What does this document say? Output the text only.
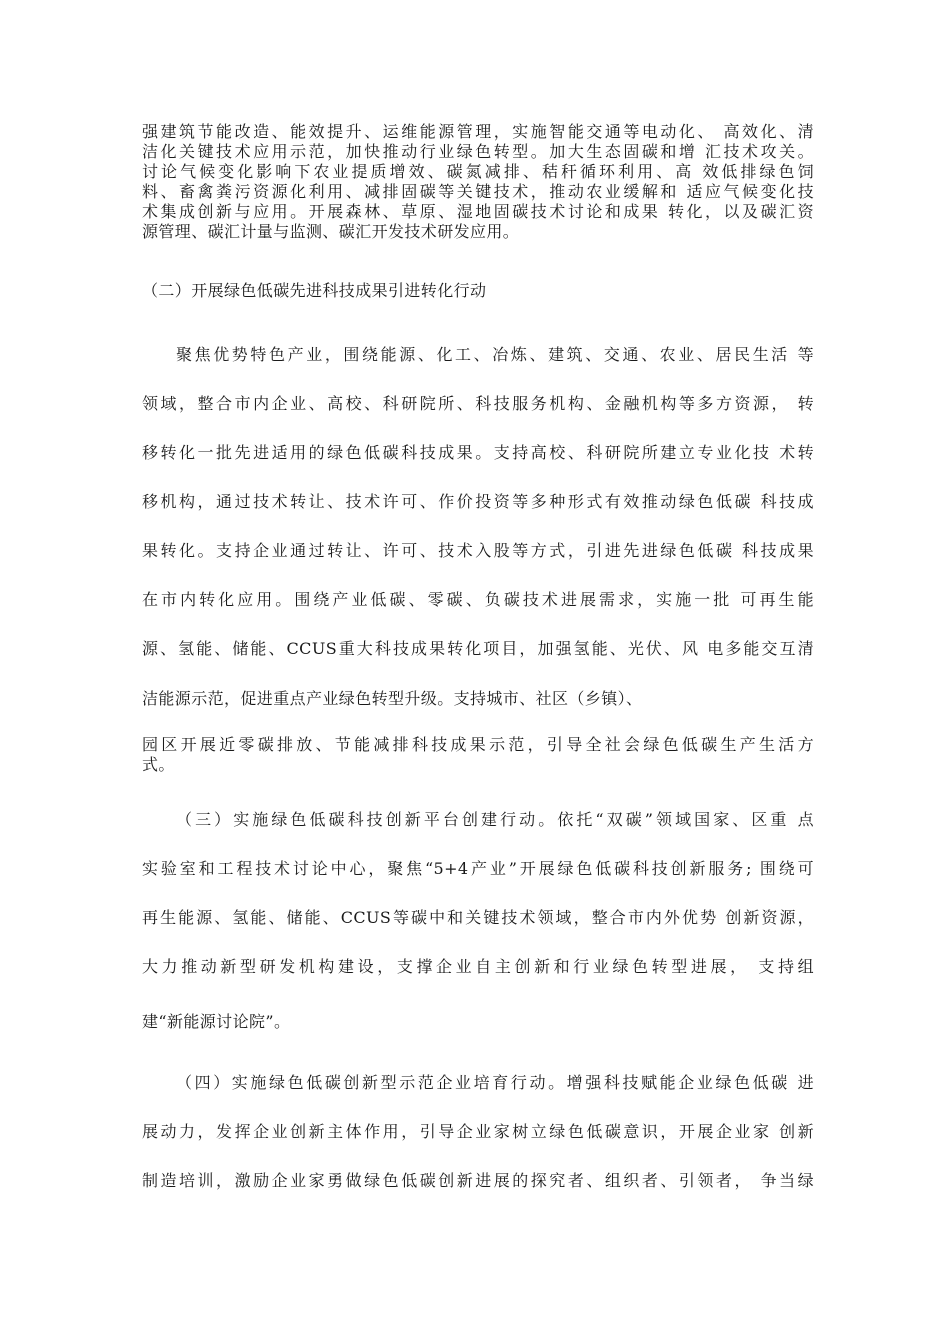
强建筑节能改造、能效提升、运维能源管理，实施智能交通等电动化、 高效化、清
洁化关键技术应用示范，加快推动行业绿色转型。加大生态固碳和增 汇技术攻关。
讨论气候变化影响下农业提质增效、碳氮减排、秸秆循环利用、高 效低排绿色饲
料、畜禽粪污资源化利用、减排固碳等关键技术，推动农业缓解和 适应气候变化技
术集成创新与应用。开展森林、草原、湿地固碳技术讨论和成果 转化，以及碳汇资
源管理、碳汇计量与监测、碳汇开发技术研发应用。
（二）开展绿色低碳先进科技成果引进转化行动
聚焦优势特色产业，围绕能源、化工、冶炼、建筑、交通、农业、居民生活 等
领域，整合市内企业、高校、科研院所、科技服务机构、金融机构等多方资源， 转
移转化一批先进适用的绿色低碳科技成果。支持高校、科研院所建立专业化技 术转
移机构，通过技术转让、技术许可、作价投资等多种形式有效推动绿色低碳 科技成
果转化。支持企业通过转让、许可、技术入股等方式，引进先进绿色低碳 科技成果
在市内转化应用。围绕产业低碳、零碳、负碳技术进展需求，实施一批 可再生能
源、氢能、储能、CCUS重大科技成果转化项目，加强氢能、光伏、风 电多能交互清
洁能源示范，促进重点产业绿色转型升级。支持城市、社区（乡镇）、
园区开展近零碳排放、节能减排科技成果示范，引导全社会绿色低碳生产生活方
式。
（三）实施绿色低碳科技创新平台创建行动。依托“双碳”领域国家、区重 点
实验室和工程技术讨论中心，聚焦“5+4产业”开展绿色低碳科技创新服务; 围绕可
再生能源、氢能、储能、CCUS等碳中和关键技术领域，整合市内外优势 创新资源，
大力推动新型研发机构建设，支撑企业自主创新和行业绿色转型进展， 支持组
建“新能源讨论院”。
（四）实施绿色低碳创新型示范企业培育行动。增强科技赋能企业绿色低碳 进
展动力，发挥企业创新主体作用，引导企业家树立绿色低碳意识，开展企业家 创新
制造培训，激励企业家勇做绿色低碳创新进展的探究者、组织者、引领者， 争当绿
